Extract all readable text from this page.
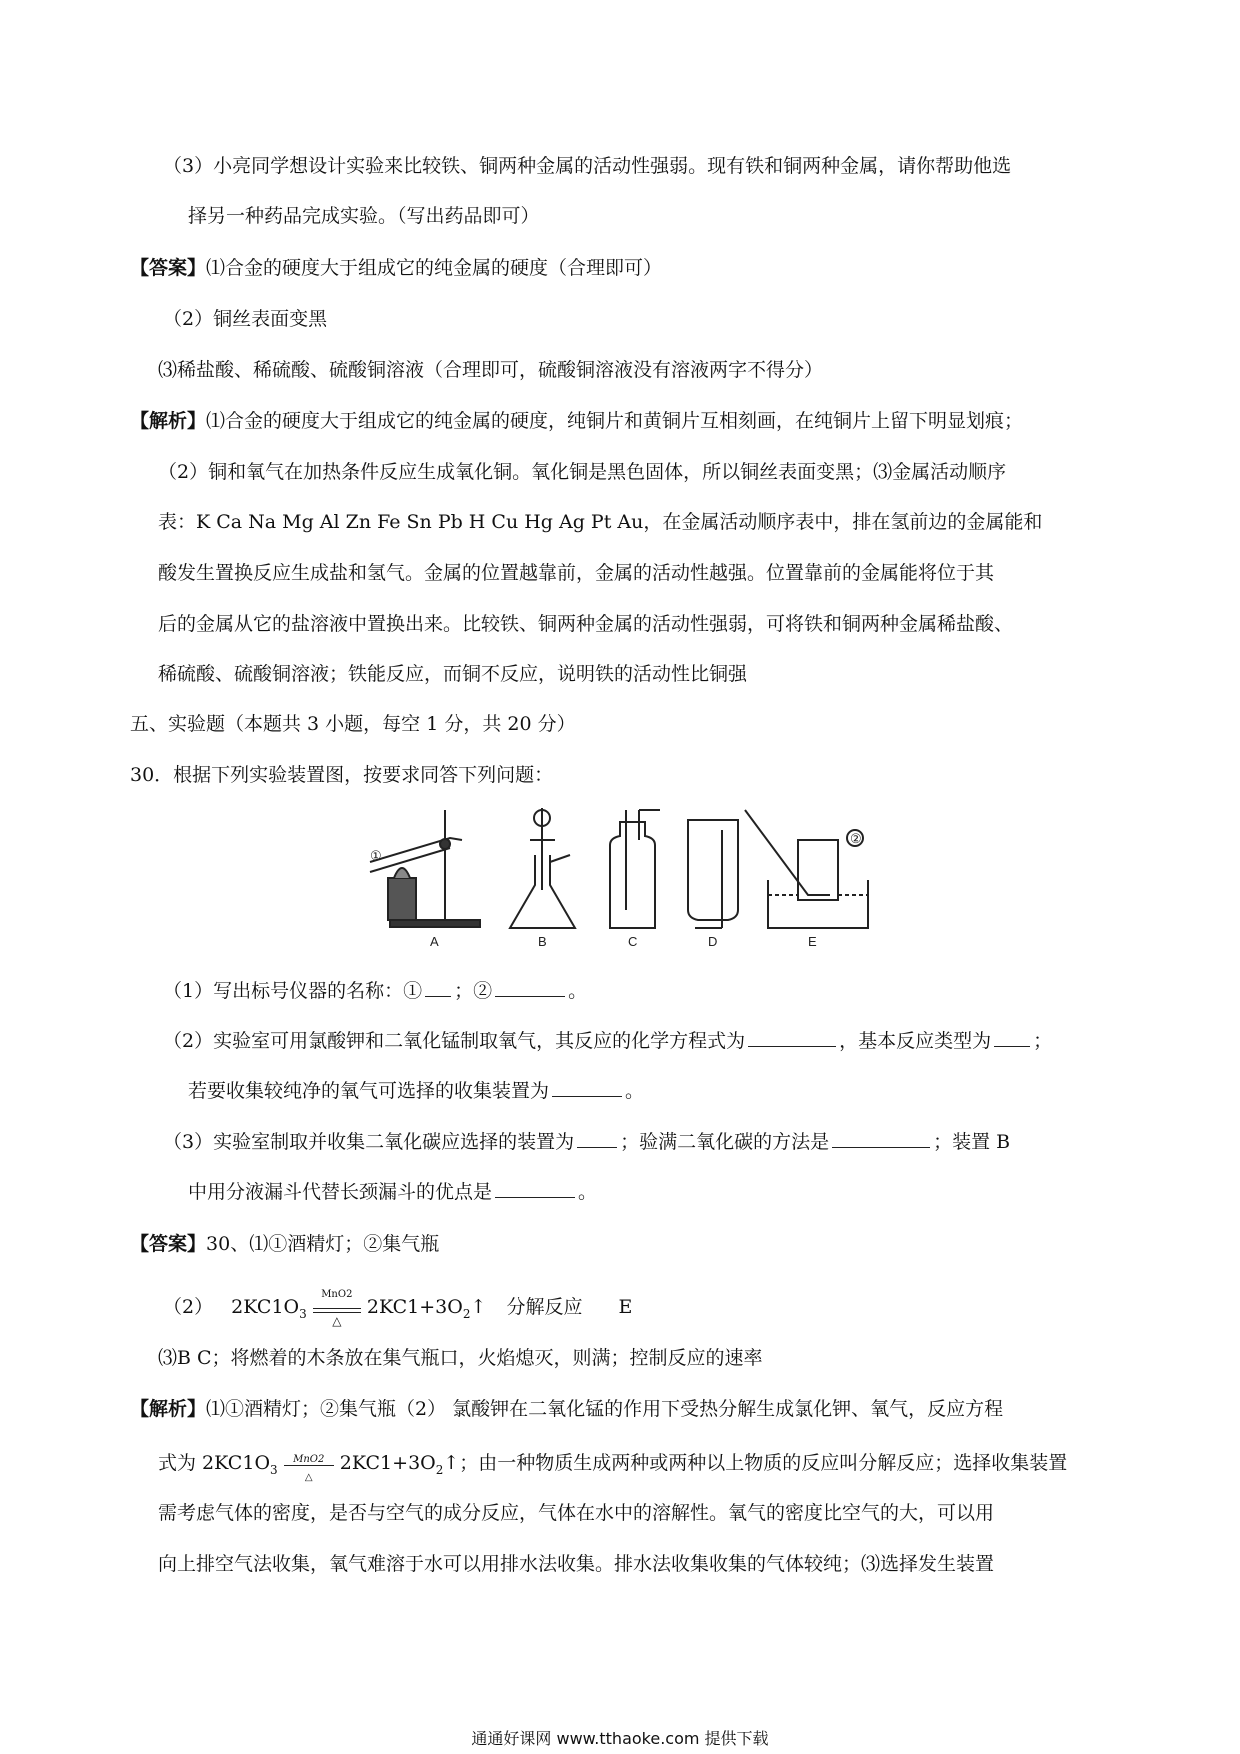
（3）小亮同学想设计实验来比较铁、铜两种金属的活动性强弱。现有铁和铜两种金属，请你帮助他选
择另一种药品完成实验。（写出药品即可）
【答案】⑴合金的硬度大于组成它的纯金属的硬度（合理即可）
（2）铜丝表面变黑
⑶稀盐酸、稀硫酸、硫酸铜溶液（合理即可，硫酸铜溶液没有溶液两字不得分）
【解析】⑴合金的硬度大于组成它的纯金属的硬度，纯铜片和黄铜片互相刻画，在纯铜片上留下明显划痕；
（2）铜和氧气在加热条件反应生成氧化铜。氧化铜是黑色固体，所以铜丝表面变黑；⑶金属活动顺序
表：K Ca Na Mg Al Zn Fe Sn Pb H Cu Hg Ag Pt Au，在金属活动顺序表中，排在氢前边的金属能和
酸发生置换反应生成盐和氢气。金属的位置越靠前，金属的活动性越强。位置靠前的金属能将位于其
后的金属从它的盐溶液中置换出来。比较铁、铜两种金属的活动性强弱，可将铁和铜两种金属稀盐酸、
稀硫酸、硫酸铜溶液；铁能反应，而铜不反应，说明铁的活动性比铜强
五、实验题（本题共 3 小题，每空 1 分，共 20 分）
30．根据下列实验装置图，按要求同答下列问题：
①
②
A	B	C	D	E
（1）写出标号仪器的名称：① ；②	。
（2）实验室可用氯酸钾和二氧化锰制取氧气，其反应的化学方程式为	，基本反应类型为 ；
若要收集较纯净的氧气可选择的收集装置为	。
（3）实验室制取并收集二氧化碳应选择的装置为 ；验满二氧化碳的方法是	；装置 B
中用分液漏斗代替长颈漏斗的优点是	。
【答案】30、⑴①酒精灯；②集气瓶
（2） $2KC1O_3$
MnO2
△
$2KC1+3O_2↑$ 分解反应 E
⑶B C；将燃着的木条放在集气瓶口，火焰熄灭，则满；控制反应的速率
【解析】⑴①酒精灯；②集气瓶（2） 氯酸钾在二氧化锰的作用下受热分解生成氯化钾、氧气，反应方程
式为 $2KC1O_3$
MnO2
△
$2KC1+3O_2↑$；由一种物质生成两种或两种以上物质的反应叫分解反应；选择收集装置
需考虑气体的密度，是否与空气的成分反应，气体在水中的溶解性。氧气的密度比空气的大，可以用
向上排空气法收集，氧气难溶于水可以用排水法收集。排水法收集收集的气体较纯；⑶选择发生装置
通通好课网 www.tthaoke.com 提供下载
